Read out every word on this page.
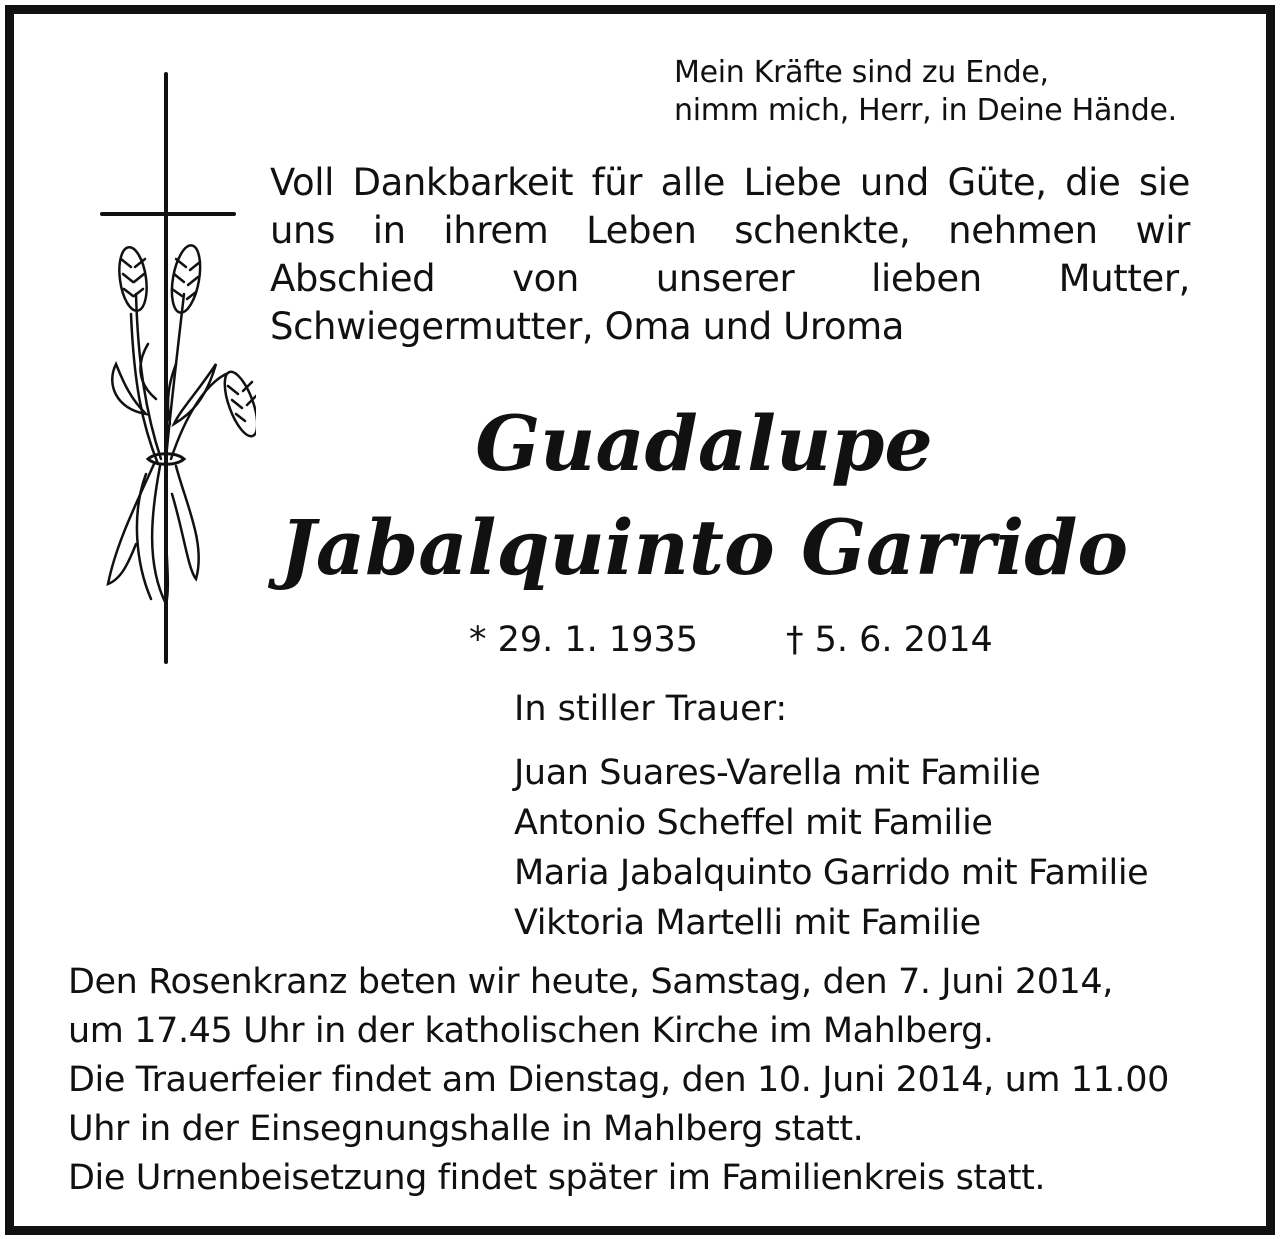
Mein Kräfte sind zu Ende,
nimm mich, Herr, in Deine Hände.
Voll Dankbarkeit für alle Liebe und Güte, die sie uns in ihrem Leben schenkte, nehmen wir Abschied von unserer lieben Mutter, Schwiegermutter, Oma und Uroma
Guadalupe
Jabalquinto Garrido
* 29. 1. 1935	† 5. 6. 2014
In stiller Trauer:
Juan Suares-Varella mit Familie
Antonio Scheffel mit Familie
Maria Jabalquinto Garrido mit Familie
Viktoria Martelli mit Familie
Den Rosenkranz beten wir heute, Samstag, den 7. Juni 2014,
um 17.45 Uhr in der katholischen Kirche im Mahlberg.
Die Trauerfeier findet am Dienstag, den 10. Juni 2014, um 11.00
Uhr in der Einsegnungshalle in Mahlberg statt.
Die Urnenbeisetzung findet später im Familienkreis statt.
